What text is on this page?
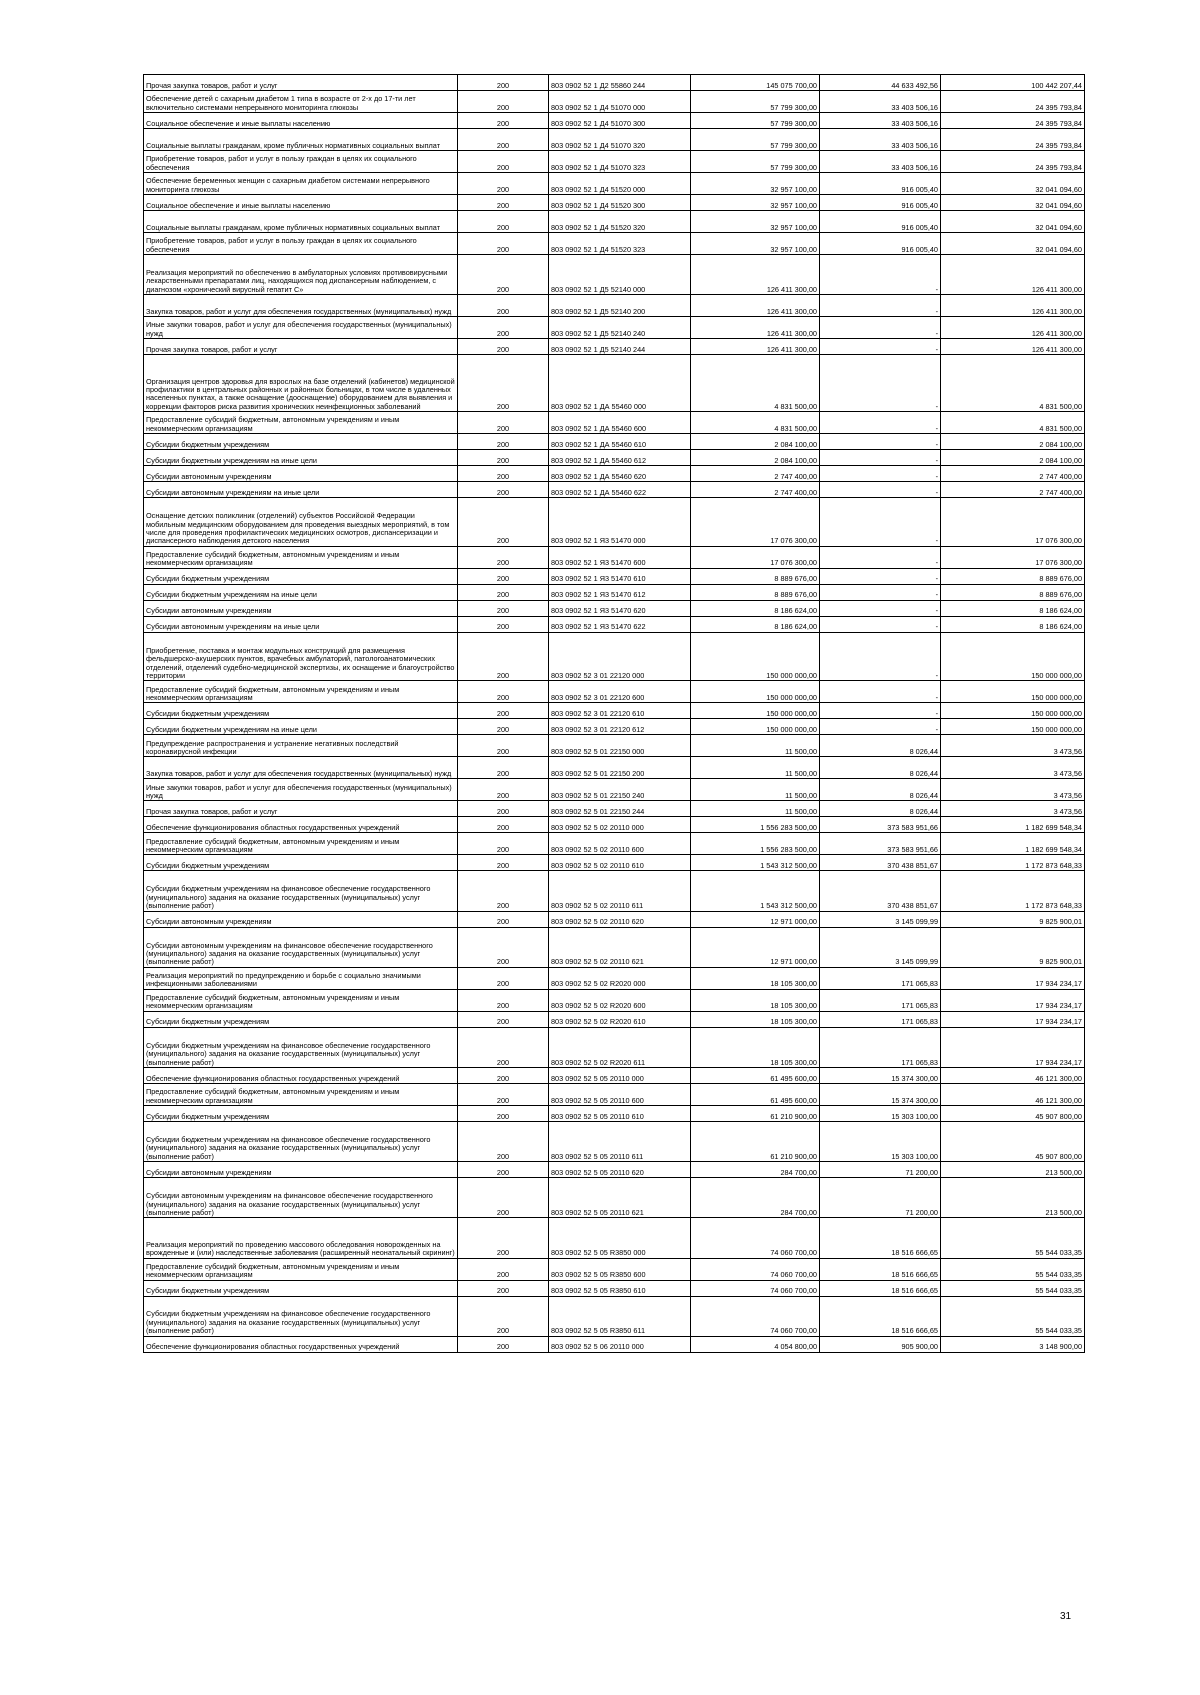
Прочая закупка товаров, работ и услуг	200	803 0902 52 1 Д2 55860 244	145 075 700,00	44 633 492,56	100 442 207,44
Обеспечение детей с сахарным диабетом 1 типа в возрасте от 2-х до 17-ти лет включительно системами непрерывного мониторинга глюкозы	200	803 0902 52 1 Д4 51070 000	57 799 300,00	33 403 506,16	24 395 793,84
Социальное обеспечение и иные выплаты населению	200	803 0902 52 1 Д4 51070 300	57 799 300,00	33 403 506,16	24 395 793,84
Социальные выплаты гражданам, кроме публичных нормативных социальных выплат	200	803 0902 52 1 Д4 51070 320	57 799 300,00	33 403 506,16	24 395 793,84
Приобретение товаров, работ и услуг в пользу граждан в целях их социального обеспечения	200	803 0902 52 1 Д4 51070 323	57 799 300,00	33 403 506,16	24 395 793,84
Обеспечение беременных женщин с сахарным диабетом системами непрерывного мониторинга глюкозы	200	803 0902 52 1 Д4 51520 000	32 957 100,00	916 005,40	32 041 094,60
Социальное обеспечение и иные выплаты населению	200	803 0902 52 1 Д4 51520 300	32 957 100,00	916 005,40	32 041 094,60
Социальные выплаты гражданам, кроме публичных нормативных социальных выплат	200	803 0902 52 1 Д4 51520 320	32 957 100,00	916 005,40	32 041 094,60
Приобретение товаров, работ и услуг в пользу граждан в целях их социального обеспечения	200	803 0902 52 1 Д4 51520 323	32 957 100,00	916 005,40	32 041 094,60
Реализация мероприятий по обеспечению в амбулаторных условиях противовирусными лекарственными препаратами лиц, находящихся под диспансерным наблюдением, с диагнозом «хронический вирусный гепатит С»	200	803 0902 52 1 Д5 52140 000	126 411 300,00	-	126 411 300,00
Закупка товаров, работ и услуг для обеспечения государственных (муниципальных) нужд	200	803 0902 52 1 Д5 52140 200	126 411 300,00	-	126 411 300,00
Иные закупки товаров, работ и услуг для обеспечения государственных (муниципальных) нужд	200	803 0902 52 1 Д5 52140 240	126 411 300,00	-	126 411 300,00
Прочая закупка товаров, работ и услуг	200	803 0902 52 1 Д5 52140 244	126 411 300,00	-	126 411 300,00
Организация центров здоровья для взрослых на базе отделений (кабинетов) медицинской профилактики в центральных районных и районных больницах, в том числе в удаленных населенных пунктах, а также оснащение (дооснащение) оборудованием для выявления и коррекции факторов риска развития хронических неинфекционных заболеваний	200	803 0902 52 1 ДА 55460 000	4 831 500,00	-	4 831 500,00
Предоставление субсидий бюджетным, автономным учреждениям и иным некоммерческим организациям	200	803 0902 52 1 ДА 55460 600	4 831 500,00	-	4 831 500,00
Субсидии бюджетным учреждениям	200	803 0902 52 1 ДА 55460 610	2 084 100,00	-	2 084 100,00
Субсидии бюджетным учреждениям на иные цели	200	803 0902 52 1 ДА 55460 612	2 084 100,00	-	2 084 100,00
Субсидии автономным учреждениям	200	803 0902 52 1 ДА 55460 620	2 747 400,00	-	2 747 400,00
Субсидии автономным учреждениям на иные цели	200	803 0902 52 1 ДА 55460 622	2 747 400,00	-	2 747 400,00
Оснащение детских поликлиник (отделений) субъектов Российской Федерации мобильным медицинским оборудованием для проведения выездных мероприятий, в том числе для проведения профилактических медицинских осмотров, диспансеризации и диспансерного наблюдения детского населения	200	803 0902 52 1 Я3 51470 000	17 076 300,00	-	17 076 300,00
Предоставление субсидий бюджетным, автономным учреждениям и иным некоммерческим организациям	200	803 0902 52 1 Я3 51470 600	17 076 300,00	-	17 076 300,00
Субсидии бюджетным учреждениям	200	803 0902 52 1 Я3 51470 610	8 889 676,00	-	8 889 676,00
Субсидии бюджетным учреждениям на иные цели	200	803 0902 52 1 Я3 51470 612	8 889 676,00	-	8 889 676,00
Субсидии автономным учреждениям	200	803 0902 52 1 Я3 51470 620	8 186 624,00	-	8 186 624,00
Субсидии автономным учреждениям на иные цели	200	803 0902 52 1 Я3 51470 622	8 186 624,00	-	8 186 624,00
Приобретение, поставка и монтаж модульных конструкций для размещения фельдшерско-акушерских пунктов, врачебных амбулаторий, патологоанатомических отделений, отделений судебно-медицинской экспертизы, их оснащение и благоустройство территории	200	803 0902 52 3 01 22120 000	150 000 000,00	-	150 000 000,00
Предоставление субсидий бюджетным, автономным учреждениям и иным некоммерческим организациям	200	803 0902 52 3 01 22120 600	150 000 000,00	-	150 000 000,00
Субсидии бюджетным учреждениям	200	803 0902 52 3 01 22120 610	150 000 000,00	-	150 000 000,00
Субсидии бюджетным учреждениям на иные цели	200	803 0902 52 3 01 22120 612	150 000 000,00	-	150 000 000,00
Предупреждение распространения и устранение негативных последствий коронавирусной инфекции	200	803 0902 52 5 01 22150 000	11 500,00	8 026,44	3 473,56
Закупка товаров, работ и услуг для обеспечения государственных (муниципальных) нужд	200	803 0902 52 5 01 22150 200	11 500,00	8 026,44	3 473,56
Иные закупки товаров, работ и услуг для обеспечения государственных (муниципальных) нужд	200	803 0902 52 5 01 22150 240	11 500,00	8 026,44	3 473,56
Прочая закупка товаров, работ и услуг	200	803 0902 52 5 01 22150 244	11 500,00	8 026,44	3 473,56
Обеспечение функционирования областных государственных учреждений	200	803 0902 52 5 02 20110 000	1 556 283 500,00	373 583 951,66	1 182 699 548,34
Предоставление субсидий бюджетным, автономным учреждениям и иным некоммерческим организациям	200	803 0902 52 5 02 20110 600	1 556 283 500,00	373 583 951,66	1 182 699 548,34
Субсидии бюджетным учреждениям	200	803 0902 52 5 02 20110 610	1 543 312 500,00	370 438 851,67	1 172 873 648,33
Субсидии бюджетным учреждениям на финансовое обеспечение государственного (муниципального) задания на оказание государственных (муниципальных) услуг (выполнение работ)	200	803 0902 52 5 02 20110 611	1 543 312 500,00	370 438 851,67	1 172 873 648,33
Субсидии автономным учреждениям	200	803 0902 52 5 02 20110 620	12 971 000,00	3 145 099,99	9 825 900,01
Субсидии автономным учреждениям на финансовое обеспечение государственного (муниципального) задания на оказание государственных (муниципальных) услуг (выполнение работ)	200	803 0902 52 5 02 20110 621	12 971 000,00	3 145 099,99	9 825 900,01
Реализация мероприятий по предупреждению и борьбе с социально значимыми инфекционными заболеваниями	200	803 0902 52 5 02 R2020 000	18 105 300,00	171 065,83	17 934 234,17
Предоставление субсидий бюджетным, автономным учреждениям и иным некоммерческим организациям	200	803 0902 52 5 02 R2020 600	18 105 300,00	171 065,83	17 934 234,17
Субсидии бюджетным учреждениям	200	803 0902 52 5 02 R2020 610	18 105 300,00	171 065,83	17 934 234,17
Субсидии бюджетным учреждениям на финансовое обеспечение государственного (муниципального) задания на оказание государственных (муниципальных) услуг (выполнение работ)	200	803 0902 52 5 02 R2020 611	18 105 300,00	171 065,83	17 934 234,17
Обеспечение функционирования областных государственных учреждений	200	803 0902 52 5 05 20110 000	61 495 600,00	15 374 300,00	46 121 300,00
Предоставление субсидий бюджетным, автономным учреждениям и иным некоммерческим организациям	200	803 0902 52 5 05 20110 600	61 495 600,00	15 374 300,00	46 121 300,00
Субсидии бюджетным учреждениям	200	803 0902 52 5 05 20110 610	61 210 900,00	15 303 100,00	45 907 800,00
Субсидии бюджетным учреждениям на финансовое обеспечение государственного (муниципального) задания на оказание государственных (муниципальных) услуг (выполнение работ)	200	803 0902 52 5 05 20110 611	61 210 900,00	15 303 100,00	45 907 800,00
Субсидии автономным учреждениям	200	803 0902 52 5 05 20110 620	284 700,00	71 200,00	213 500,00
Субсидии автономным учреждениям на финансовое обеспечение государственного (муниципального) задания на оказание государственных (муниципальных) услуг (выполнение работ)	200	803 0902 52 5 05 20110 621	284 700,00	71 200,00	213 500,00
Реализация мероприятий по проведению массового обследования новорожденных на врожденные и (или) наследственные заболевания (расширенный неонатальный скрининг)	200	803 0902 52 5 05 R3850 000	74 060 700,00	18 516 666,65	55 544 033,35
Предоставление субсидий бюджетным, автономным учреждениям и иным некоммерческим организациям	200	803 0902 52 5 05 R3850 600	74 060 700,00	18 516 666,65	55 544 033,35
Субсидии бюджетным учреждениям	200	803 0902 52 5 05 R3850 610	74 060 700,00	18 516 666,65	55 544 033,35
Субсидии бюджетным учреждениям на финансовое обеспечение государственного (муниципального) задания на оказание государственных (муниципальных) услуг (выполнение работ)	200	803 0902 52 5 05 R3850 611	74 060 700,00	18 516 666,65	55 544 033,35
Обеспечение функционирования областных государственных учреждений	200	803 0902 52 5 06 20110 000	4 054 800,00	905 900,00	3 148 900,00
31
